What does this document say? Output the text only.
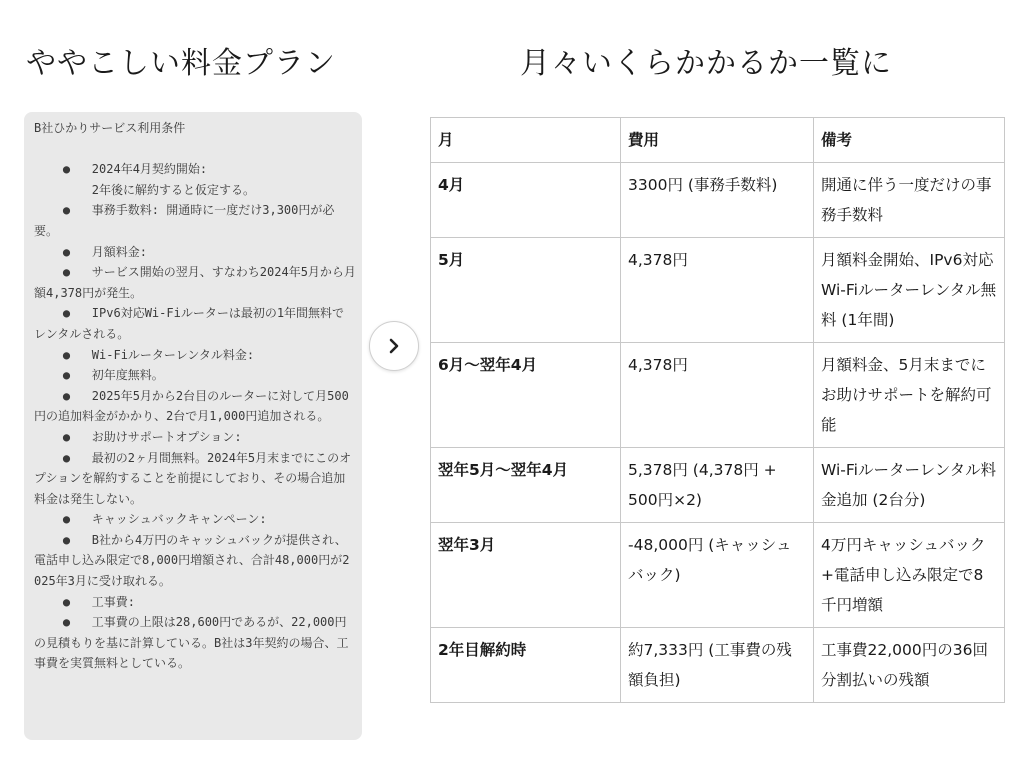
ややこしい料金プラン	月々いくらかかるか一覧に
B社ひかりサービス利用条件
●   2024年4月契約開始:
2年後に解約すると仮定する。
●   事務手数料: 開通時に一度だけ3,300円が必要。
●   月額料金:
●   サービス開始の翌月、すなわち2024年5月から月額4,378円が発生。
●   IPv6対応Wi-Fiルーターは最初の1年間無料でレンタルされる。
●   Wi-Fiルーターレンタル料金:
●   初年度無料。
●   2025年5月から2台目のルーターに対して月500円の追加料金がかかり、2台で月1,000円追加される。
●   お助けサポートオプション:
●   最初の2ヶ月間無料。2024年5月末までにこのオプションを解約することを前提にしており、その場合追加料金は発生しない。
●   キャッシュバックキャンペーン:
●   B社から4万円のキャッシュバックが提供され、電話申し込み限定で8,000円増額され、合計48,000円が2025年3月に受け取れる。
●   工事費:
●   工事費の上限は28,600円であるが、22,000円の見積もりを基に計算している。B社は3年契約の場合、工事費を実質無料としている。
月	費用	備考
4月	3300円 (事務手数料)	開通に伴う一度だけの事務手数料
5月	4,378円	月額料金開始、IPv6対応Wi-Fiルーターレンタル無料 (1年間)
6月〜翌年4月	4,378円	月額料金、5月末までにお助けサポートを解約可能
翌年5月〜翌年4月	5,378円 (4,378円 + 500円×2)	Wi-Fiルーターレンタル料金追加 (2台分)
翌年3月	-48,000円 (キャッシュバック)	4万円キャッシュバック+電話申し込み限定で8千円増額
2年目解約時	約7,333円 (工事費の残額負担)	工事費22,000円の36回分割払いの残額
